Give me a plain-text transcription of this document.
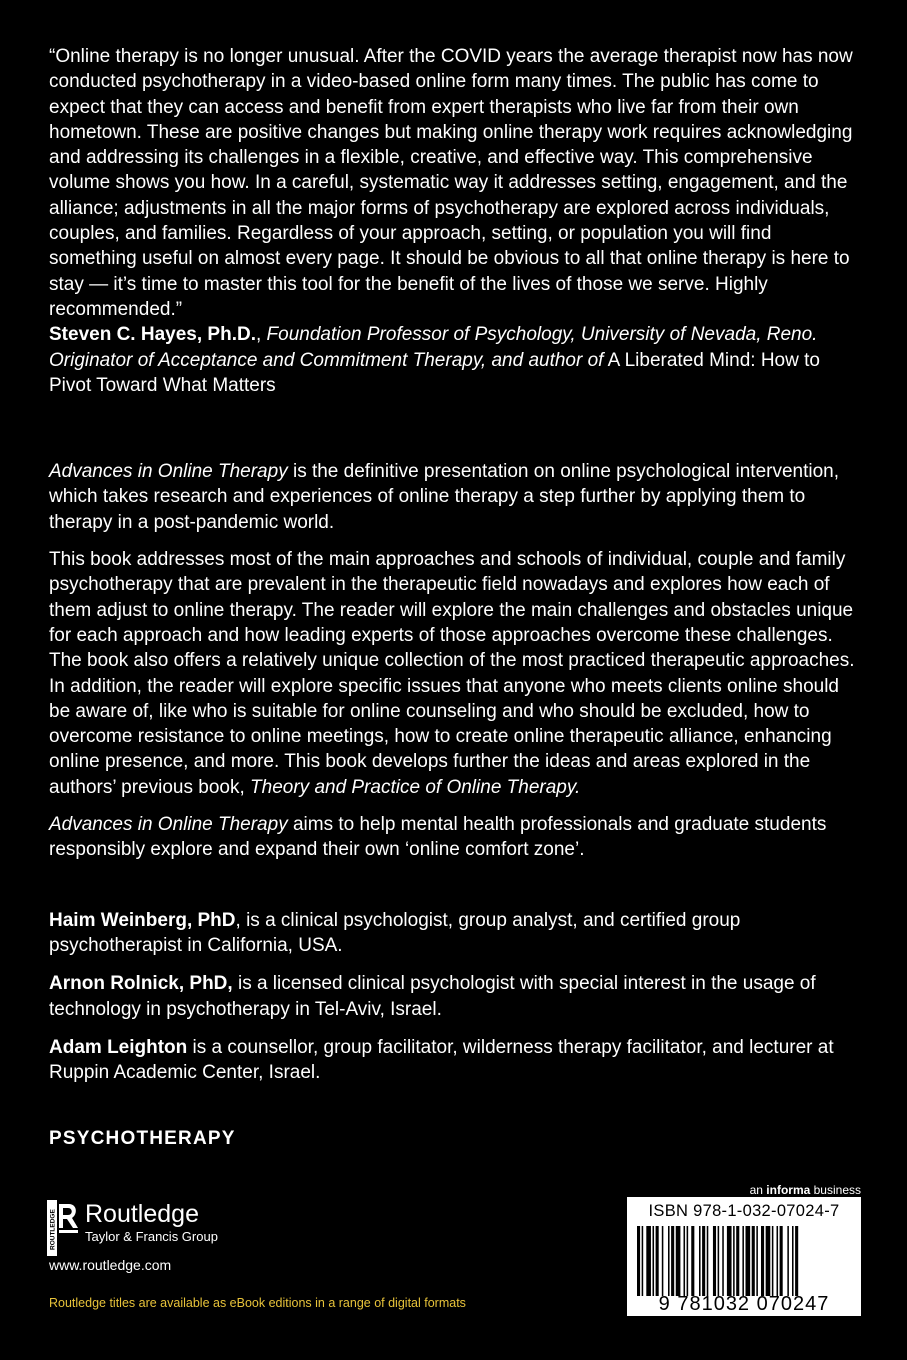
“Online therapy is no longer unusual. After the COVID years the average therapist now has now conducted psychotherapy in a video-based online form many times. The public has come to expect that they can access and benefit from expert therapists who live far from their own hometown. These are positive changes but making online therapy work requires acknowledging and addressing its challenges in a flexible, creative, and effective way. This comprehensive volume shows you how. In a careful, systematic way it addresses setting, engagement, and the alliance; adjustments in all the major forms of psychotherapy are explored across individuals, couples, and families. Regardless of your approach, setting, or population you will find something useful on almost every page. It should be obvious to all that online therapy is here to stay — it’s time to master this tool for the benefit of the lives of those we serve. Highly recommended.”

Steven C. Hayes, Ph.D., Foundation Professor of Psychology, University of Nevada, Reno. Originator of Acceptance and Commitment Therapy, and author of A Liberated Mind: How to Pivot Toward What Matters

Advances in Online Therapy is the definitive presentation on online psychological intervention, which takes research and experiences of online therapy a step further by applying them to therapy in a post-pandemic world.

This book addresses most of the main approaches and schools of individual, couple and family psychotherapy that are prevalent in the therapeutic field nowadays and explores how each of them adjust to online therapy. The reader will explore the main challenges and obstacles unique for each approach and how leading experts of those approaches overcome these challenges. The book also offers a relatively unique collection of the most practiced therapeutic approaches. In addition, the reader will explore specific issues that anyone who meets clients online should be aware of, like who is suitable for online counseling and who should be excluded, how to overcome resistance to online meetings, how to create online therapeutic alliance, enhancing online presence, and more. This book develops further the ideas and areas explored in the authors’ previous book, Theory and Practice of Online Therapy.

Advances in Online Therapy aims to help mental health professionals and graduate students responsibly explore and expand their own ‘online comfort zone’.

Haim Weinberg, PhD, is a clinical psychologist, group analyst, and certified group psychotherapist in California, USA.

Arnon Rolnick, PhD, is a licensed clinical psychologist with special interest in the usage of technology in psychotherapy in Tel-Aviv, Israel.

Adam Leighton is a counsellor, group facilitator, wilderness therapy facilitator, and lecturer at Ruppin Academic Center, Israel.

PSYCHOTHERAPY
ROUTLEDGE Routledge
Taylor & Francis Group
www.routledge.com
Routledge titles are available as eBook editions in a range of digital formats
an informa business
ISBN 978-1-032-07024-7
9 781032 070247
